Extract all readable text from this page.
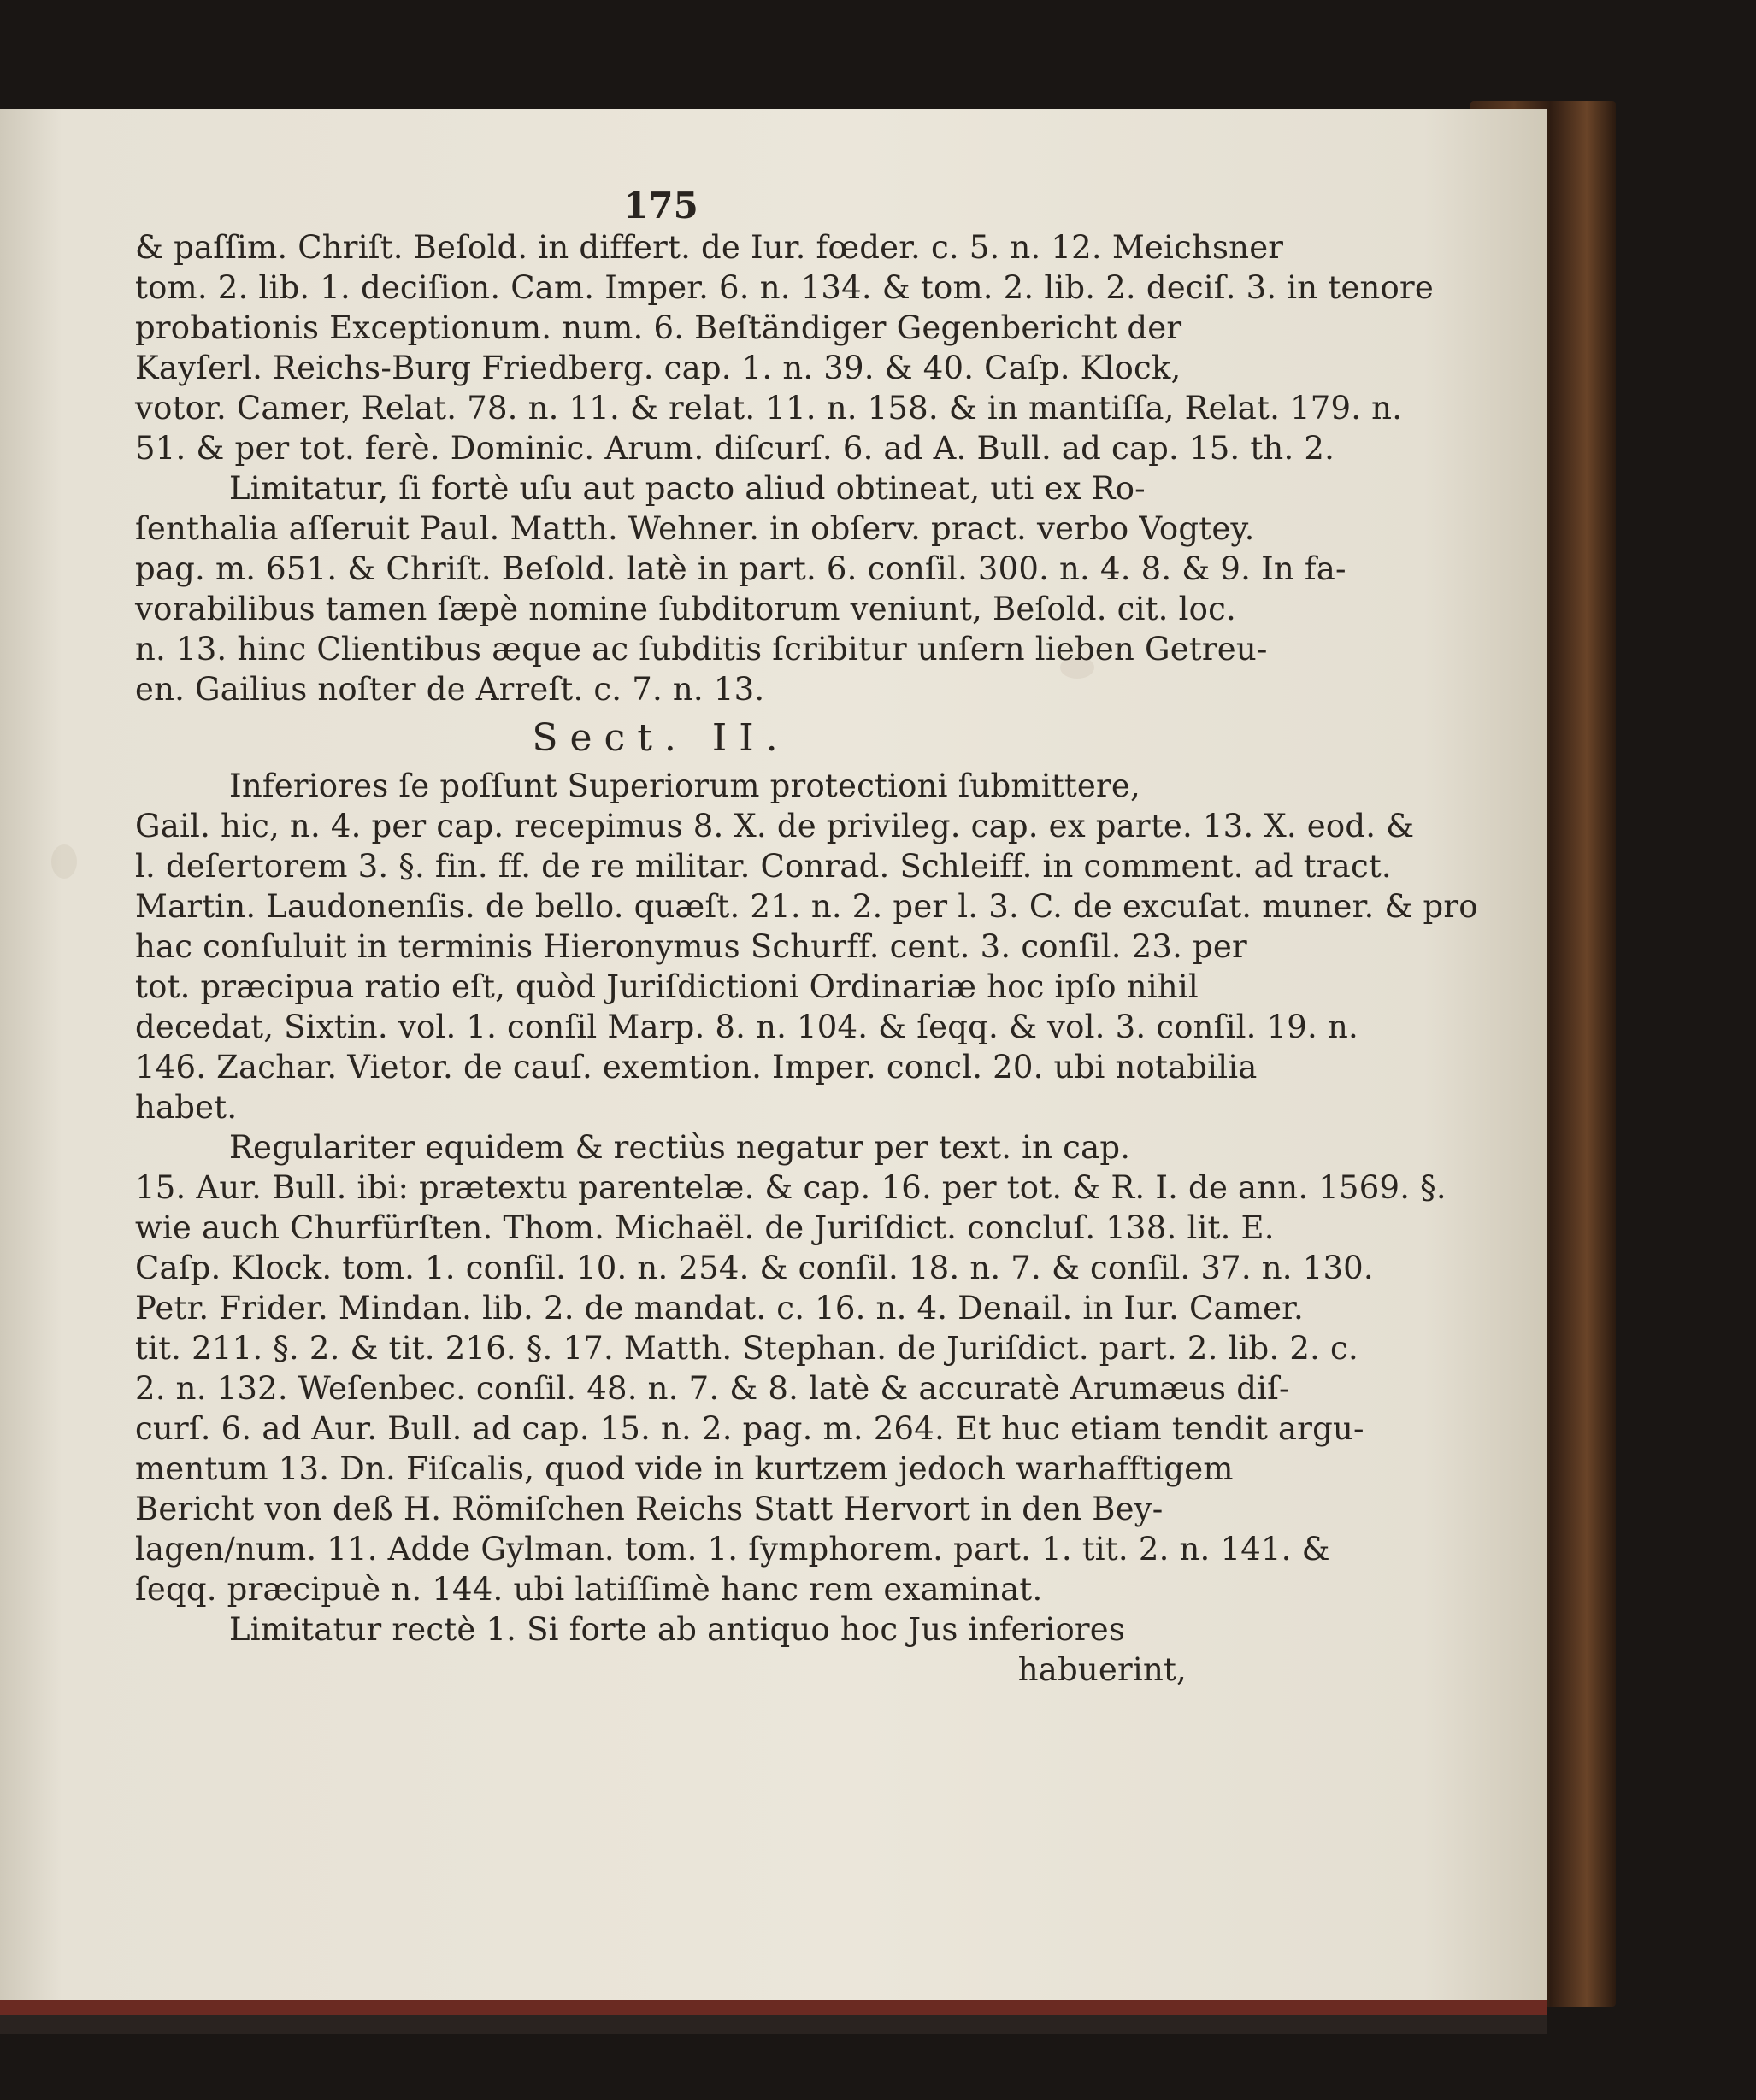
175
& paſſim. Chriſt. Beſold. in differt. de Iur. fœder. c. 5. n. 12. Meichsner
tom. 2. lib. 1. deciſion. Cam. Imper. 6. n. 134. & tom. 2. lib. 2. deciſ. 3. in tenore
probationis Exceptionum. num. 6. Beſtändiger Gegenbericht der
Kayſerl. Reichs-Burg Friedberg. cap. 1. n. 39. & 40. Caſp. Klock,
votor. Camer, Relat. 78. n. 11. & relat. 11. n. 158. & in mantiſſa, Relat. 179. n.
51. & per tot. ferè. Dominic. Arum. diſcurſ. 6. ad A. Bull. ad cap. 15. th. 2.
Limitatur, ſi fortè uſu aut pacto aliud obtineat, uti ex Ro-
ſenthalia aſſeruit Paul. Matth. Wehner. in obſerv. pract. verbo Vogtey.
pag. m. 651. & Chriſt. Beſold. latè in part. 6. conſil. 300. n. 4. 8. & 9. In fa-
vorabilibus tamen ſæpè nomine ſubditorum veniunt, Beſold. cit. loc.
n. 13. hinc Clientibus æque ac ſubditis ſcribitur unſern lieben Getreu-
en. Gailius noſter de Arreſt. c. 7. n. 13.
Sect. II.
Inferiores ſe poſſunt Superiorum protectioni ſubmittere,
Gail. hic, n. 4. per cap. recepimus 8. X. de privileg. cap. ex parte. 13. X. eod. &
l. deſertorem 3. §. fin. ff. de re militar. Conrad. Schleiff. in comment. ad tract.
Martin. Laudonenſis. de bello. quæſt. 21. n. 2. per l. 3. C. de excuſat. muner. & pro
hac conſuluit in terminis Hieronymus Schurff. cent. 3. conſil. 23. per
tot. præcipua ratio eſt, quòd Juriſdictioni Ordinariæ hoc ipſo nihil
decedat, Sixtin. vol. 1. conſil Marp. 8. n. 104. & ſeqq. & vol. 3. conſil. 19. n.
146. Zachar. Vietor. de cauſ. exemtion. Imper. concl. 20. ubi notabilia
habet.
Regulariter equidem & rectiùs negatur per text. in cap.
15. Aur. Bull. ibi: prætextu parentelæ. & cap. 16. per tot. & R. I. de ann. 1569. §.
wie auch Churfürſten. Thom. Michaël. de Juriſdict. concluſ. 138. lit. E.
Caſp. Klock. tom. 1. conſil. 10. n. 254. & conſil. 18. n. 7. & conſil. 37. n. 130.
Petr. Frider. Mindan. lib. 2. de mandat. c. 16. n. 4. Denail. in Iur. Camer.
tit. 211. §. 2. & tit. 216. §. 17. Matth. Stephan. de Juriſdict. part. 2. lib. 2. c.
2. n. 132. Weſenbec. conſil. 48. n. 7. & 8. latè & accuratè Arumæus diſ-
curſ. 6. ad Aur. Bull. ad cap. 15. n. 2. pag. m. 264. Et huc etiam tendit argu-
mentum 13. Dn. Fiſcalis, quod vide in kurtzem jedoch warhafftigem
Bericht von deß H. Römiſchen Reichs Statt Hervort in den Bey-
lagen/num. 11. Adde Gylman. tom. 1. ſymphorem. part. 1. tit. 2. n. 141. &
ſeqq. præcipuè n. 144. ubi latiſſimè hanc rem examinat.
Limitatur rectè 1. Si forte ab antiquo hoc Jus inferiores
habuerint,
